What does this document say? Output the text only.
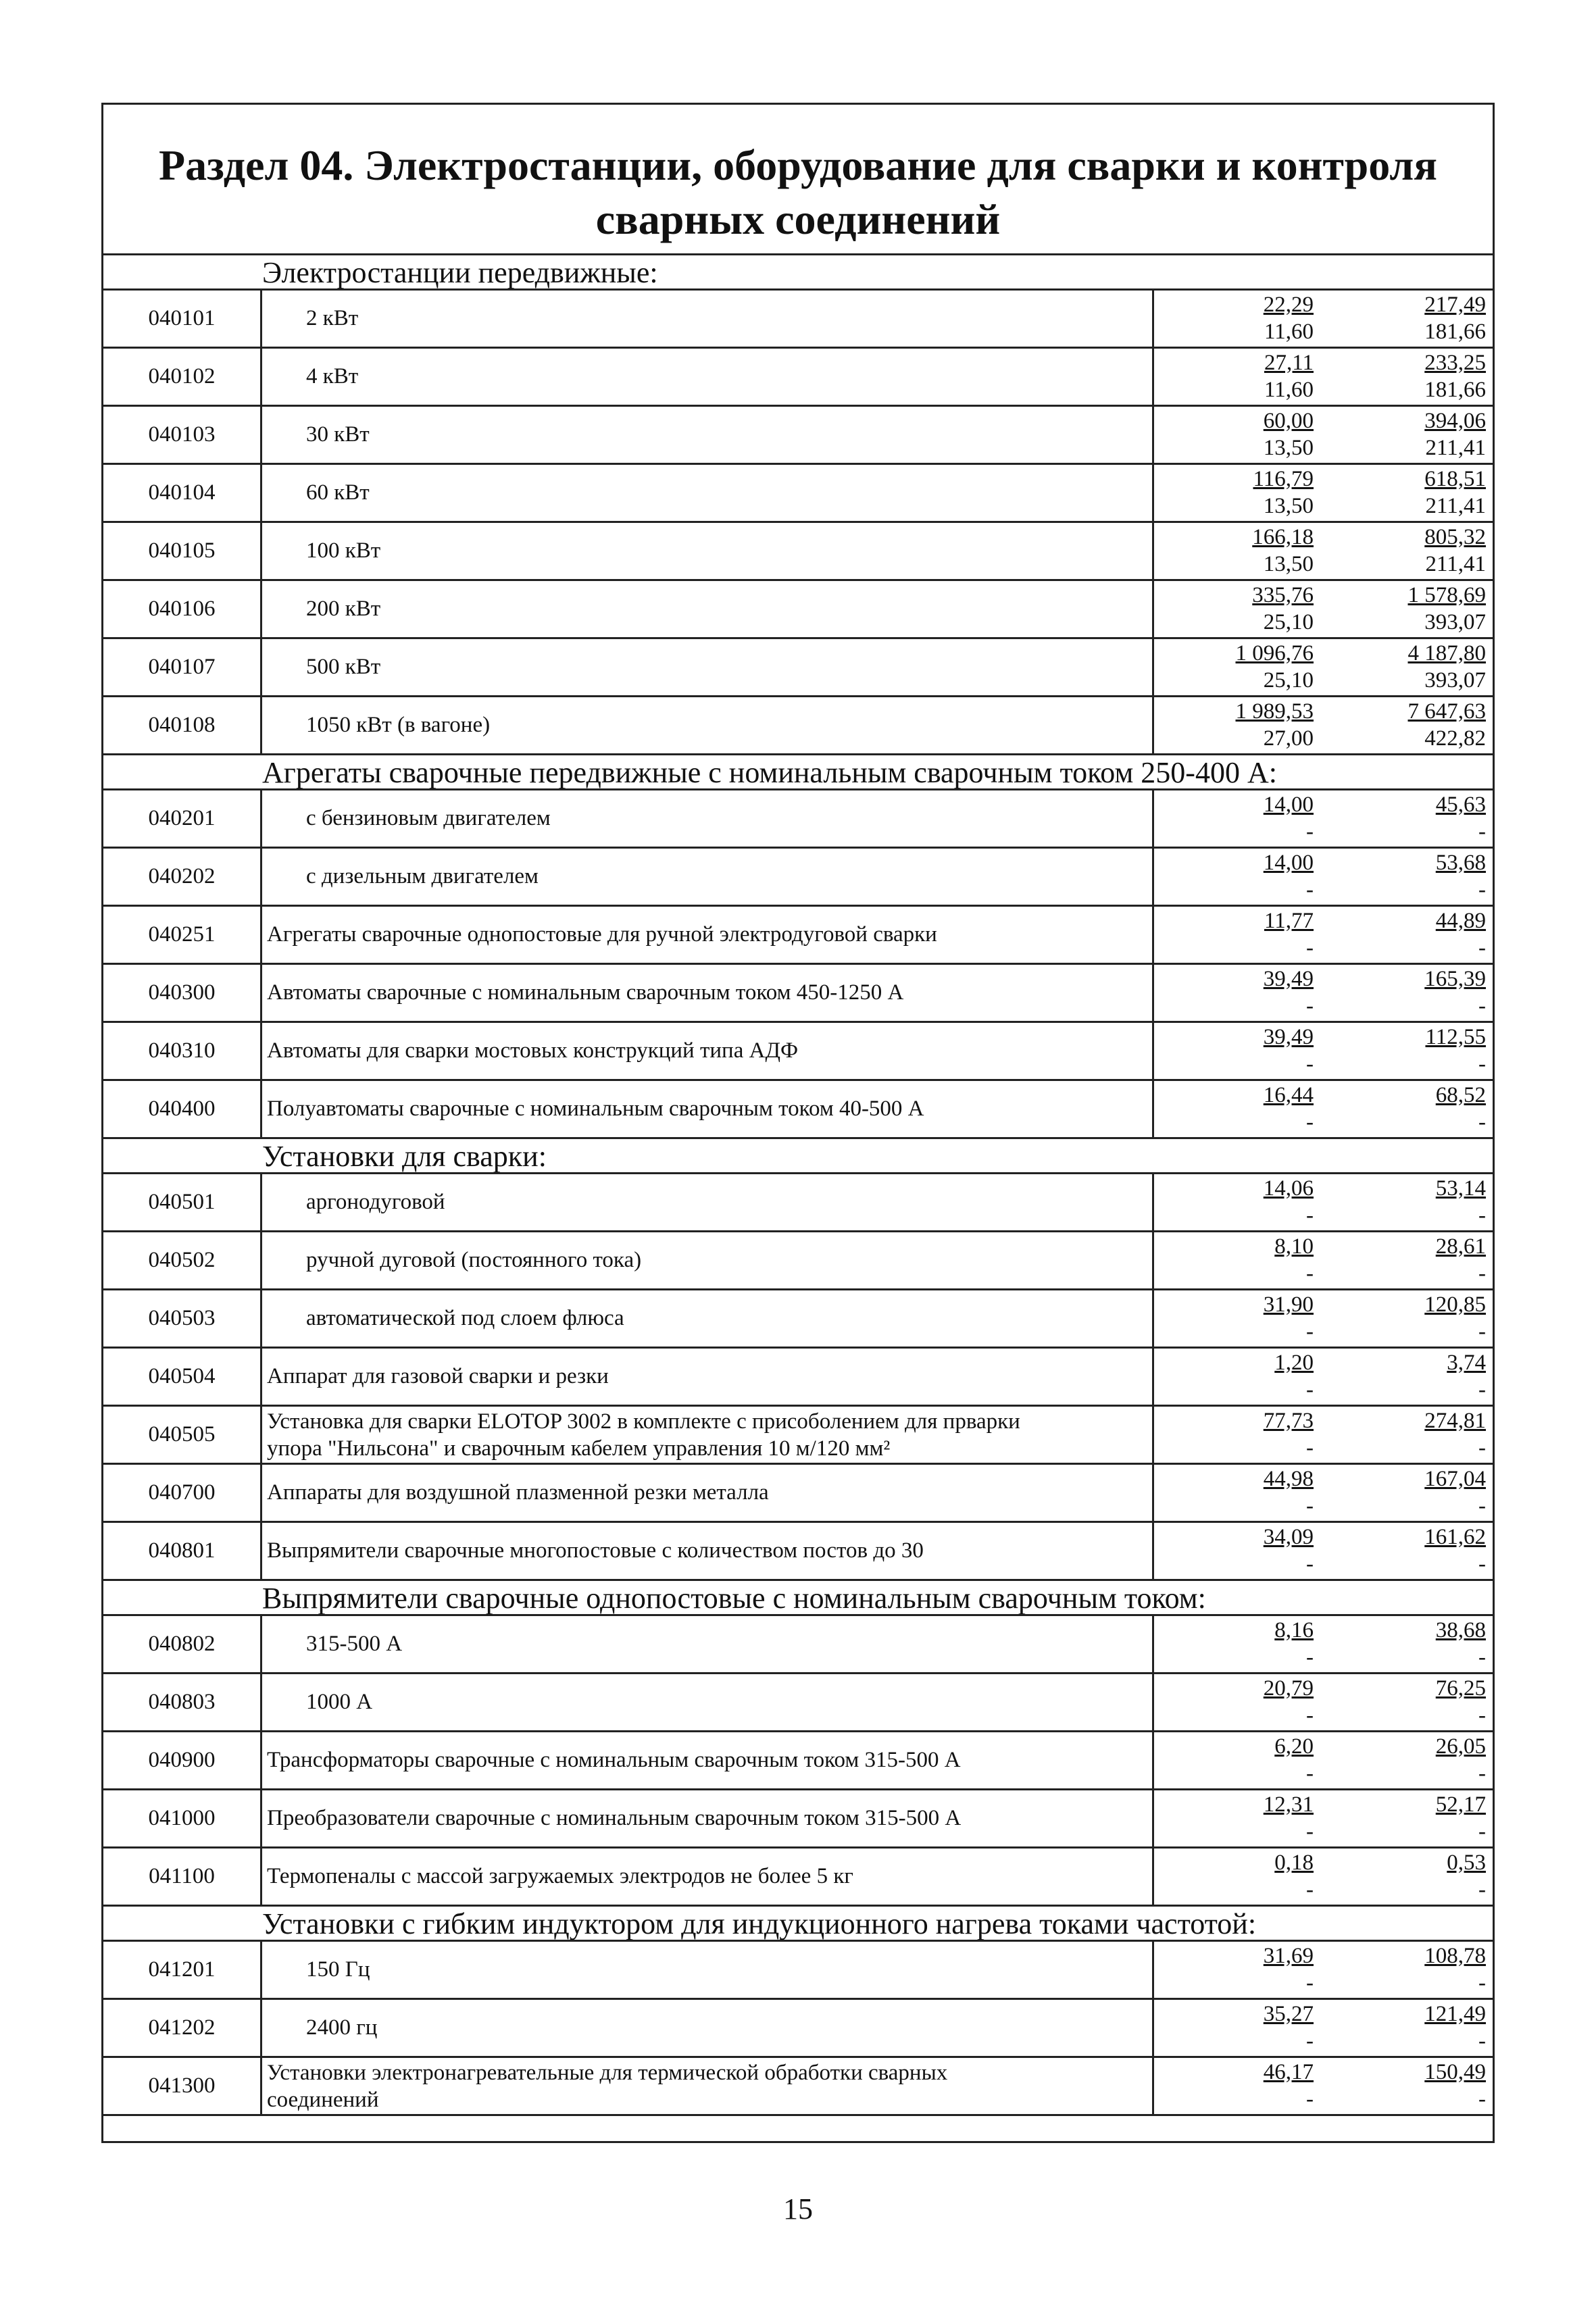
Раздел 04. Электростанции, оборудование для сварки и контроля
сварных соединений
Электростанции передвижные:
040101	2 кВт
22,29	217,49
11,60	181,66
040102	4 кВт
27,11	233,25
11,60	181,66
040103	30 кВт
60,00	394,06
13,50	211,41
040104	60 кВт
116,79	618,51
13,50	211,41
040105	100 кВт
166,18	805,32
13,50	211,41
040106	200 кВт
335,76	1 578,69
25,10	393,07
040107	500 кВт
1 096,76	4 187,80
25,10	393,07
040108	1050 кВт (в вагоне)
1 989,53	7 647,63
27,00	422,82
Агрегаты сварочные передвижные с номинальным сварочным током 250-400 А:
040201	с бензиновым двигателем
14,00	45,63
-	-
040202	с дизельным двигателем
14,00	53,68
-	-
040251	Агрегаты сварочные однопостовые для ручной электродуговой сварки
11,77	44,89
-	-
040300	Автоматы сварочные с номинальным сварочным током 450-1250 А
39,49	165,39
-	-
040310	Автоматы для сварки мостовых конструкций типа АДФ
39,49	112,55
-	-
040400	Полуавтоматы сварочные с номинальным сварочным током 40-500 А
16,44	68,52
-	-
Установки для сварки:
040501	аргонодуговой
14,06	53,14
-	-
040502	ручной дуговой (постоянного тока)
8,10	28,61
-	-
040503	автоматической под слоем флюса
31,90	120,85
-	-
040504	Аппарат для газовой сварки и резки
1,20	3,74
-	-
040505
Установка для сварки ELOTOP 3002 в комплекте с присоболением для прварки
упора "Нильсона" и сварочным кабелем управления 10 м/120 мм²
77,73	274,81
-	-
040700	Аппараты для воздушной плазменной резки металла
44,98	167,04
-	-
040801	Выпрямители сварочные многопостовые с количеством постов до 30
34,09	161,62
-	-
Выпрямители сварочные однопостовые с номинальным сварочным током:
040802	315-500 А
8,16	38,68
-	-
040803	1000 А
20,79	76,25
-	-
040900	Трансформаторы сварочные с номинальным сварочным током 315-500 А
6,20	26,05
-	-
041000	Преобразователи сварочные с номинальным сварочным током 315-500 А
12,31	52,17
-	-
041100	Термопеналы с массой загружаемых электродов не более 5 кг
0,18	0,53
-	-
Установки с гибким индуктором для индукционного нагрева токами частотой:
041201	150 Гц
31,69	108,78
-	-
041202	2400 гц
35,27	121,49
-	-
041300
Установки электронагревательные для термической обработки сварных
соединений
46,17	150,49
-	-
15
